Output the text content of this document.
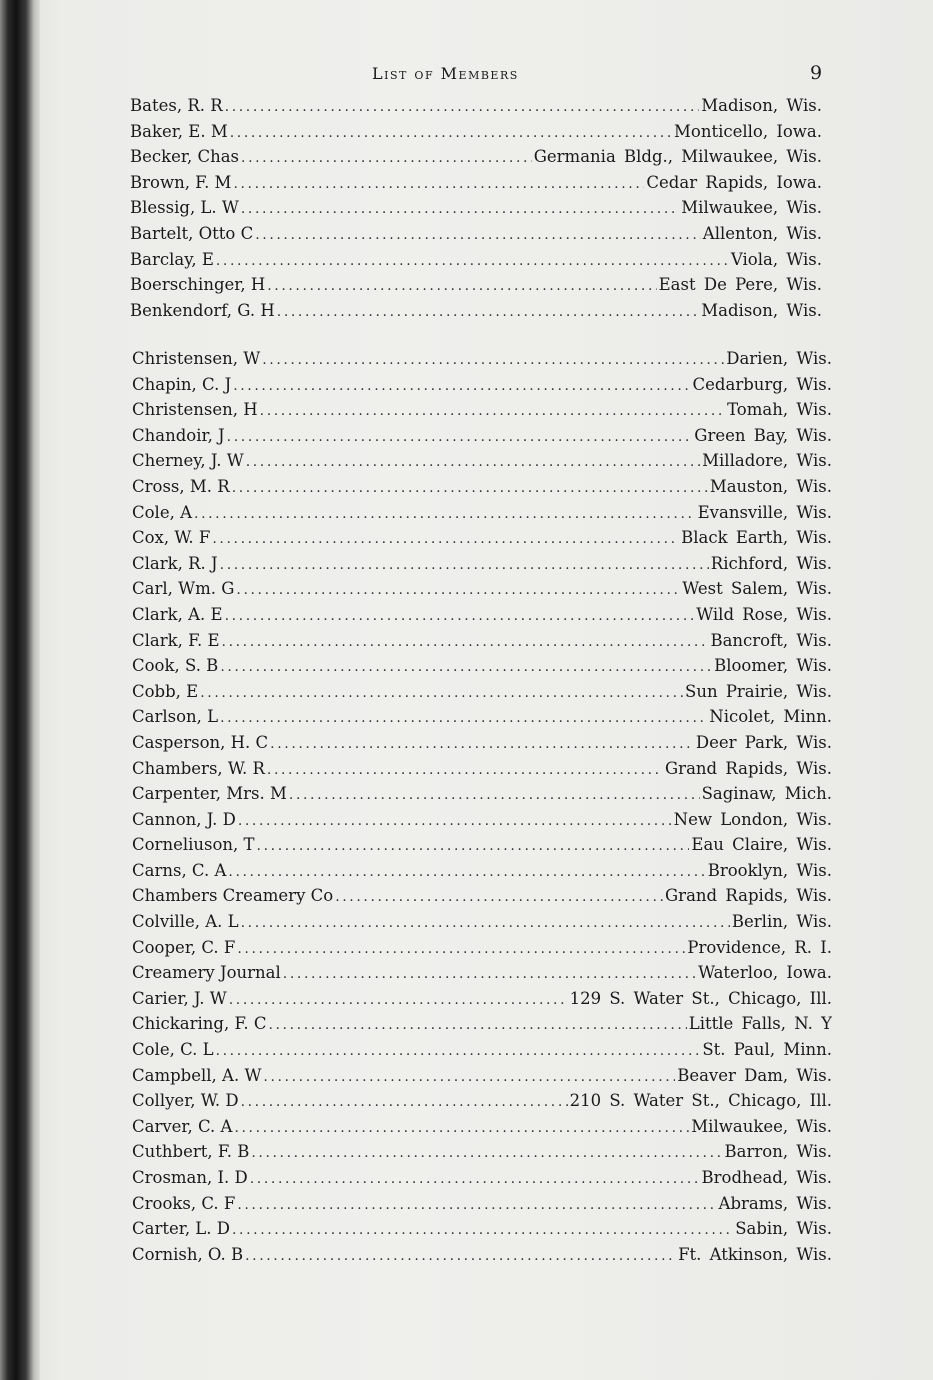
List of Members	9
Bates, R. R .....	Madison, Wis.
Baker, E. M .....	Monticello, Iowa.
Becker, Chas .....	Germania Bldg., Milwaukee, Wis.
Brown, F. M .....	Cedar Rapids, Iowa.
Blessig, L. W .....	Milwaukee, Wis.
Bartelt, Otto C .....	Allenton, Wis.
Barclay, E .....	Viola, Wis.
Boerschinger, H .....	East De Pere, Wis.
Benkendorf, G. H .....	Madison, Wis.
Christensen, W .....	Darien, Wis.
Chapin, C. J .....	Cedarburg, Wis.
Christensen, H .....	Tomah, Wis.
Chandoir, J .....	Green Bay, Wis.
Cherney, J. W .....	Milladore, Wis.
Cross, M. R .....	Mauston, Wis.
Cole, A .....	Evansville, Wis.
Cox, W. F .....	Black Earth, Wis.
Clark, R. J .....	Richford, Wis.
Carl, Wm. G .....	West Salem, Wis.
Clark, A. E .....	Wild Rose, Wis.
Clark, F. E .....	Bancroft, Wis.
Cook, S. B .....	Bloomer, Wis.
Cobb, E .....	Sun Prairie, Wis.
Carlson, L .....	Nicolet, Minn.
Casperson, H. C .....	Deer Park, Wis.
Chambers, W. R .....	Grand Rapids, Wis.
Carpenter, Mrs. M .....	Saginaw, Mich.
Cannon, J. D .....	New London, Wis.
Corneliuson, T .....	Eau Claire, Wis.
Carns, C. A .....	Brooklyn, Wis.
Chambers Creamery Co .....	Grand Rapids, Wis.
Colville, A. L .....	Berlin, Wis.
Cooper, C. F .....	Providence, R. I.
Creamery Journal .....	Waterloo, Iowa.
Carier, J. W .....	129 S. Water St., Chicago, Ill.
Chickaring, F. C .....	Little Falls, N. Y
Cole, C. L .....	St. Paul, Minn.
Campbell, A. W .....	Beaver Dam, Wis.
Collyer, W. D .....	210 S. Water St., Chicago, Ill.
Carver, C. A .....	Milwaukee, Wis.
Cuthbert, F. B .....	Barron, Wis.
Crosman, I. D .....	Brodhead, Wis.
Crooks, C. F .....	Abrams, Wis.
Carter, L. D .....	Sabin, Wis.
Cornish, O. B .....	Ft. Atkinson, Wis.
